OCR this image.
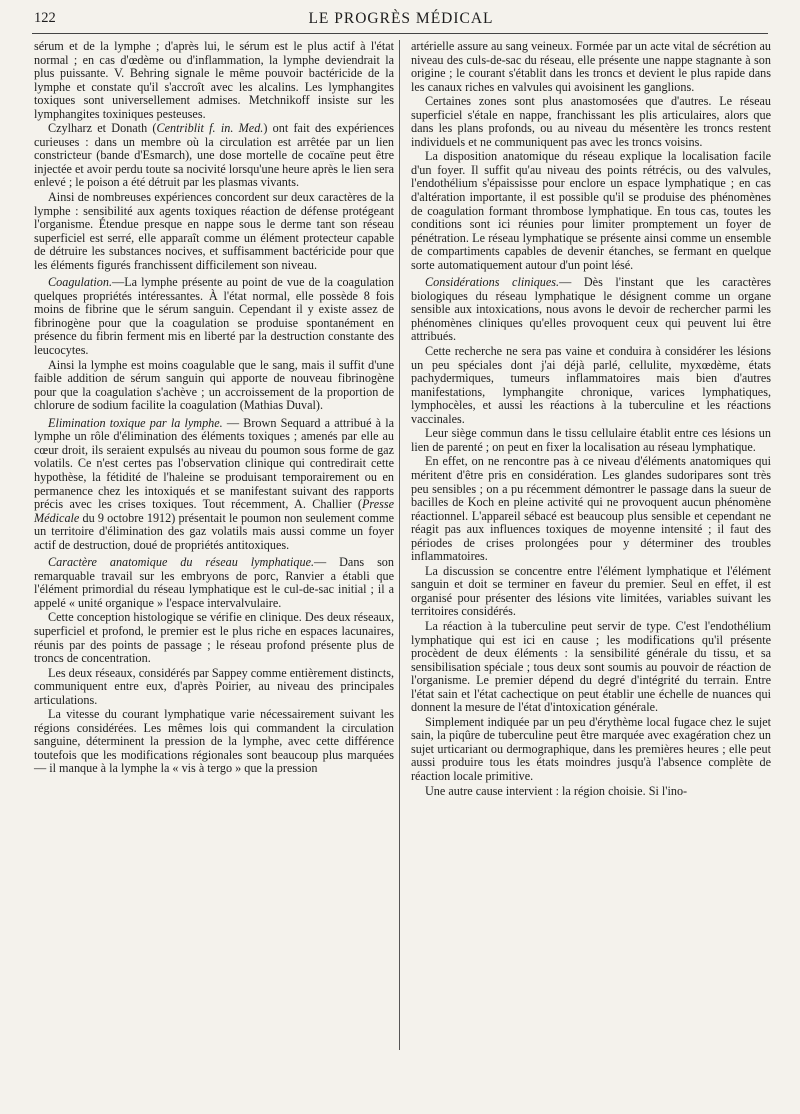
122	LE PROGRÈS MÉDICAL

sérum et de la lymphe ; d'après lui, le sérum est le plus actif à l'état normal ; en cas d'œdème ou d'inflammation, la lymphe deviendrait la plus puissante. V. Behring signale le même pouvoir bactéricide de la lymphe et constate qu'il s'accroît avec les alcalins. Les lymphangites toxiques sont universellement admises. Metchnikoff insiste sur les lymphangites toxiniques pesteuses.

Czylharz et Donath (Centriblit f. in. Med.) ont fait des expériences curieuses : dans un membre où la circulation est arrêtée par un lien constricteur (bande d'Esmarch), une dose mortelle de cocaïne peut être injectée et avoir perdu toute sa nocivité lorsqu'une heure après le lien sera enlevé ; le poison a été détruit par les plasmas vivants.

Ainsi de nombreuses expériences concordent sur deux caractères de la lymphe : sensibilité aux agents toxiques réaction de défense protégeant l'organisme. Étendue presque en nappe sous le derme tant son réseau superficiel est serré, elle apparaît comme un élément protecteur capable de détruire les substances nocives, et suffisamment bactéricide pour que les éléments figurés franchissent difficilement son niveau.

Coagulation.—La lymphe présente au point de vue de la coagulation quelques propriétés intéressantes. À l'état normal, elle possède 8 fois moins de fibrine que le sérum sanguin. Cependant il y existe assez de fibrinogène pour que la coagulation se produise spontanément en présence du fibrin ferment mis en liberté par la destruction constante des leucocytes.

Ainsi la lymphe est moins coagulable que le sang, mais il suffit d'une faible addition de sérum sanguin qui apporte de nouveau fibrinogène pour que la coagulation s'achève ; un accroissement de la proportion de chlorure de sodium facilite la coagulation (Mathias Duval).

Elimination toxique par la lymphe. — Brown Sequard a attribué à la lymphe un rôle d'élimination des éléments toxiques ; amenés par elle au cœur droit, ils seraient expulsés au niveau du poumon sous forme de gaz volatils. Ce n'est certes pas l'observation clinique qui contredirait cette hypothèse, la fétidité de l'haleine se produisant temporairement ou en permanence chez les intoxiqués et se manifestant suivant des rapports précis avec les crises toxiques. Tout récemment, A. Challier (Presse Médicale du 9 octobre 1912) présentait le poumon non seulement comme un territoire d'élimination des gaz volatils mais aussi comme un foyer actif de destruction, doué de propriétés antitoxiques.

Caractère anatomique du réseau lymphatique.— Dans son remarquable travail sur les embryons de porc, Ranvier a établi que l'élément primordial du réseau lymphatique est le cul-de-sac initial ; il a appelé « unité organique » l'espace intervalvulaire.

Cette conception histologique se vérifie en clinique. Des deux réseaux, superficiel et profond, le premier est le plus riche en espaces lacunaires, réunis par des points de passage ; le réseau profond présente plus de troncs de concentration.

Les deux réseaux, considérés par Sappey comme entièrement distincts, communiquent entre eux, d'après Poirier, au niveau des principales articulations.

La vitesse du courant lymphatique varie nécessairement suivant les régions considérées. Les mêmes lois qui commandent la circulation sanguine, déterminent la pression de la lymphe, avec cette différence toutefois que les modifications régionales sont beaucoup plus marquées — il manque à la lymphe la « vis à tergo » que la pression

artérielle assure au sang veineux. Formée par un acte vital de sécrétion au niveau des culs-de-sac du réseau, elle présente une nappe stagnante à son origine ; le courant s'établit dans les troncs et devient le plus rapide dans les canaux riches en valvules qui avoisinent les ganglions.

Certaines zones sont plus anastomosées que d'autres. Le réseau superficiel s'étale en nappe, franchissant les plis articulaires, alors que dans les plans profonds, ou au niveau du mésentère les troncs restent individuels et ne communiquent pas avec les troncs voisins.

La disposition anatomique du réseau explique la localisation facile d'un foyer. Il suffit qu'au niveau des points rétrécis, ou des valvules, l'endothélium s'épaississe pour enclore un espace lymphatique ; en cas d'altération importante, il est possible qu'il se produise des phénomènes de coagulation formant thrombose lymphatique. En tous cas, toutes les conditions sont ici réunies pour limiter promptement un foyer de pénétration. Le réseau lymphatique se présente ainsi comme un ensemble de compartiments capables de devenir étanches, se fermant en quelque sorte automatiquement autour d'un point lésé.

Considérations cliniques.— Dès l'instant que les caractères biologiques du réseau lymphatique le désignent comme un organe sensible aux intoxications, nous avons le devoir de rechercher parmi les phénomènes cliniques qu'elles provoquent ceux qui peuvent lui être attribués.

Cette recherche ne sera pas vaine et conduira à considérer les lésions un peu spéciales dont j'ai déjà parlé, cellulite, myxœdème, états pachydermiques, tumeurs inflammatoires mais bien d'autres manifestations, lymphangite chronique, varices lymphatiques, lymphocèles, et aussi les réactions à la tuberculine et les réactions vaccinales.

Leur siège commun dans le tissu cellulaire établit entre ces lésions un lien de parenté ; on peut en fixer la localisation au réseau lymphatique.

En effet, on ne rencontre pas à ce niveau d'éléments anatomiques qui méritent d'être pris en considération. Les glandes sudoripares sont très peu sensibles ; on a pu récemment démontrer le passage dans la sueur de bacilles de Koch en pleine activité qui ne provoquent aucun phénomène réactionnel. L'appareil sébacé est beaucoup plus sensible et cependant ne réagit pas aux influences toxiques de moyenne intensité ; il faut des périodes de crises prolongées pour y déterminer des troubles inflammatoires.

La discussion se concentre entre l'élément lymphatique et l'élément sanguin et doit se terminer en faveur du premier. Seul en effet, il est organisé pour présenter des lésions vite limitées, variables suivant les territoires considérés.

La réaction à la tuberculine peut servir de type. C'est l'endothélium lymphatique qui est ici en cause ; les modifications qu'il présente procèdent de deux éléments : la sensibilité générale du tissu, et sa sensibilisation spéciale ; tous deux sont soumis au pouvoir de réaction de l'organisme. Le premier dépend du degré d'intégrité du terrain. Entre l'état sain et l'état cachectique on peut établir une échelle de nuances qui donnent la mesure de l'état d'intoxication générale.

Simplement indiquée par un peu d'érythème local fugace chez le sujet sain, la piqûre de tuberculine peut être marquée avec exagération chez un sujet urticariant ou dermographique, dans les premières heures ; elle peut aussi produire tous les états moindres jusqu'à l'absence complète de réaction locale primitive.

Une autre cause intervient : la région choisie. Si l'ino-
